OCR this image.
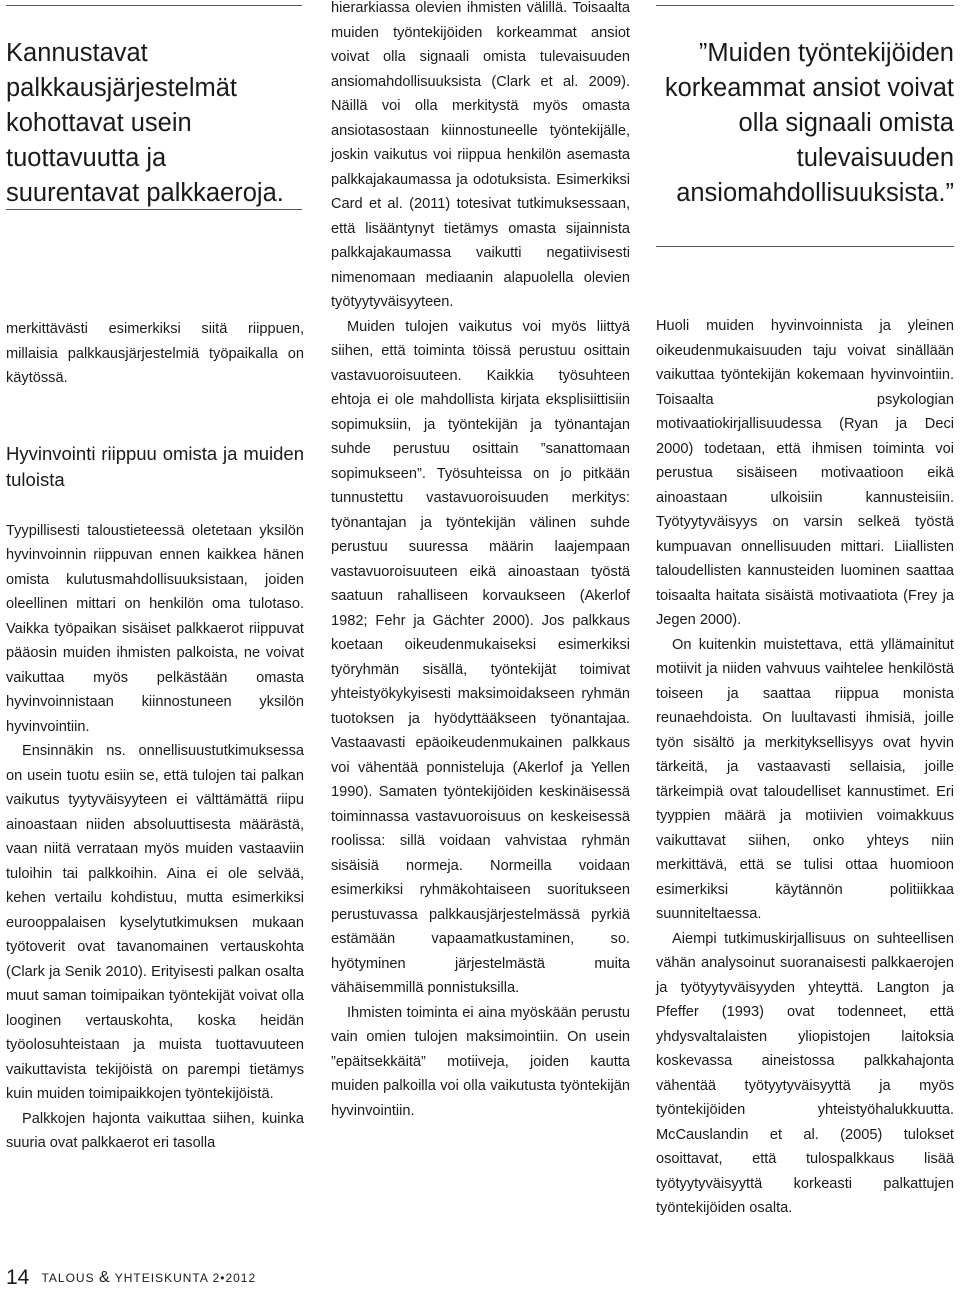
Kannustavat palkkausjärjestelmät kohottavat usein tuottavuutta ja suurentavat palkkaeroja.

merkittävästi esimerkiksi siitä riippuen, millaisia palkkausjärjestelmiä työpaikalla on käytössä.

Hyvinvointi riippuu omista ja muiden tuloista

Tyypillisesti taloustieteessä oletetaan yksilön hyvinvoinnin riippuvan ennen kaikkea hänen omista kulutusmahdollisuuksistaan, joiden oleellinen mittari on henkilön oma tulotaso. Vaikka työpaikan sisäiset palkkaerot riippuvat pääosin muiden ihmisten palkoista, ne voivat vaikuttaa myös pelkästään omasta hyvinvoinnistaan kiinnostuneen yksilön hyvinvointiin.

Ensinnäkin ns. onnellisuustutkimuksessa on usein tuotu esiin se, että tulojen tai palkan vaikutus tyytyväisyyteen ei välttämättä riipu ainoastaan niiden absoluuttisesta määrästä, vaan niitä verrataan myös muiden vastaaviin tuloihin tai palkkoihin. Aina ei ole selvää, kehen vertailu kohdistuu, mutta esimerkiksi eurooppalaisen kyselytutkimuksen mukaan työtoverit ovat tavanomainen vertauskohta (Clark ja Senik 2010). Erityisesti palkan osalta muut saman toimipaikan työntekijät voivat olla looginen vertauskohta, koska heidän työolosuhteistaan ja muista tuottavuuteen vaikuttavista tekijöistä on parempi tietämys kuin muiden toimipaikkojen työntekijöistä.

Palkkojen hajonta vaikuttaa siihen, kuinka suuria ovat palkkaerot eri tasolla

hierarkiassa olevien ihmisten välillä. Toisaalta muiden työntekijöiden korkeammat ansiot voivat olla signaali omista tulevaisuuden ansiomahdollisuuksista (Clark et al. 2009). Näillä voi olla merkitystä myös omasta ansiotasostaan kiinnostuneelle työntekijälle, joskin vaikutus voi riippua henkilön asemasta palkkajakaumassa ja odotuksista. Esimerkiksi Card et al. (2011) totesivat tutkimuksessaan, että lisääntynyt tietämys omasta sijainnista palkkajakaumassa vaikutti negatiivisesti nimenomaan mediaanin alapuolella olevien työtyytyväisyyteen.

Muiden tulojen vaikutus voi myös liittyä siihen, että toiminta töissä perustuu osittain vastavuoroisuuteen. Kaikkia työsuhteen ehtoja ei ole mahdollista kirjata eksplisiittisiin sopimuksiin, ja työntekijän ja työnantajan suhde perustuu osittain ”sanattomaan sopimukseen”. Työsuhteissa on jo pitkään tunnustettu vastavuoroisuuden merkitys: työnantajan ja työntekijän välinen suhde perustuu suuressa määrin laajempaan vastavuoroisuuteen eikä ainoastaan työstä saatuun rahalliseen korvaukseen (Akerlof 1982; Fehr ja Gächter 2000). Jos palkkaus koetaan oikeudenmukaiseksi esimerkiksi työryhmän sisällä, työntekijät toimivat yhteistyökykyisesti maksimoidakseen ryhmän tuotoksen ja hyödyttääkseen työnantajaa. Vastaavasti epäoikeudenmukainen palkkaus voi vähentää ponnisteluja (Akerlof ja Yellen 1990). Samaten työntekijöiden keskinäisessä toiminnassa vastavuoroisuus on keskeisessä roolissa: sillä voidaan vahvistaa ryhmän sisäisiä normeja. Normeilla voidaan esimerkiksi ryhmäkohtaiseen suoritukseen perustuvassa palkkausjärjestelmässä pyrkiä estämään vapaamatkustaminen, so. hyötyminen järjestelmästä muita vähäisemmillä ponnistuksilla.

Ihmisten toiminta ei aina myöskään perustu vain omien tulojen maksimointiin. On usein ”epäitsekkäitä” motiiveja, joiden kautta muiden palkoilla voi olla vaikutusta työntekijän hyvinvointiin.

”Muiden työntekijöiden korkeammat ansiot voivat olla signaali omista tulevaisuuden ansiomahdollisuuksista.”

Huoli muiden hyvinvoinnista ja yleinen oikeudenmukaisuuden taju voivat sinällään vaikuttaa työntekijän kokemaan hyvinvointiin. Toisaalta psykologian motivaatiokirjallisuudessa (Ryan ja Deci 2000) todetaan, että ihmisen toiminta voi perustua sisäiseen motivaatioon eikä ainoastaan ulkoisiin kannusteisiin. Työtyytyväisyys on varsin selkeä työstä kumpuavan onnellisuuden mittari. Liiallisten taloudellisten kannusteiden luominen saattaa toisaalta haitata sisäistä motivaatiota (Frey ja Jegen 2000).

On kuitenkin muistettava, että yllämainitut motiivit ja niiden vahvuus vaihtelee henkilöstä toiseen ja saattaa riippua monista reunaehdoista. On luultavasti ihmisiä, joille työn sisältö ja merkityksellisyys ovat hyvin tärkeitä, ja vastaavasti sellaisia, joille tärkeimpiä ovat taloudelliset kannustimet. Eri tyyppien määrä ja motiivien voimakkuus vaikuttavat siihen, onko yhteys niin merkittävä, että se tulisi ottaa huomioon esimerkiksi käytännön politiikkaa suunniteltaessa.

Aiempi tutkimuskirjallisuus on suhteellisen vähän analysoinut suoranaisesti palkkaerojen ja työtyytyväisyyden yhteyttä. Langton ja Pfeffer (1993) ovat todenneet, että yhdysvaltalaisten yliopistojen laitoksia koskevassa aineistossa palkkahajonta vähentää työtyytyväisyyttä ja myös työntekijöiden yhteistyöhalukkuutta. McCauslandin et al. (2005) tulokset osoittavat, että tulospalkkaus lisää työtyytyväisyyttä korkeasti palkattujen työntekijöiden osalta.

14 TALOUS & YHTEISKUNTA 2•2012
